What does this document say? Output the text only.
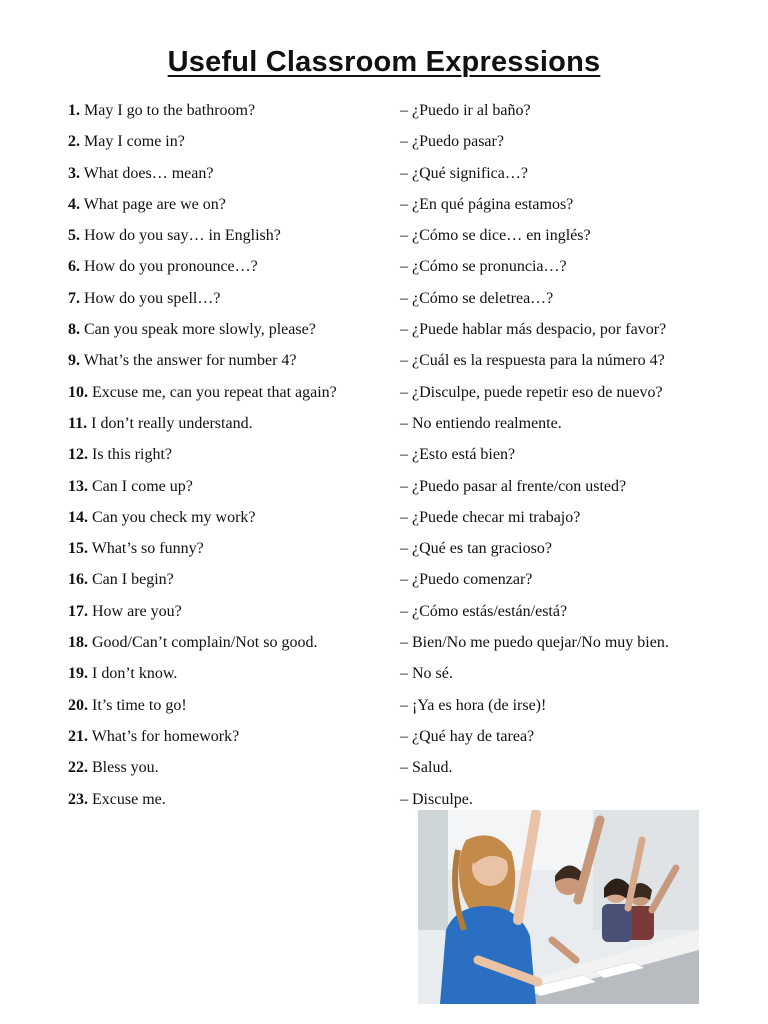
Useful Classroom Expressions
1. May I go to the bathroom?	– ¿Puedo ir al baño?
2. May I come in?	– ¿Puedo pasar?
3. What does… mean?	– ¿Qué significa…?
4. What page are we on?	– ¿En qué página estamos?
5. How do you say… in English?	– ¿Cómo se dice… en inglés?
6. How do you pronounce…?	– ¿Cómo se pronuncia…?
7. How do you spell…?	– ¿Cómo se deletrea…?
8. Can you speak more slowly, please?	– ¿Puede hablar más despacio, por favor?
9. What’s the answer for number 4?	– ¿Cuál es la respuesta para la número 4?
10. Excuse me, can you repeat that again?	– ¿Disculpe, puede repetir eso de nuevo?
11. I don’t really understand.	– No entiendo realmente.
12. Is this right?	– ¿Esto está bien?
13. Can I come up?	– ¿Puedo pasar al frente/con usted?
14. Can you check my work?	– ¿Puede checar mi trabajo?
15. What’s so funny?	– ¿Qué es tan gracioso?
16. Can I begin?	– ¿Puedo comenzar?
17. How are you?	– ¿Cómo estás/están/está?
18. Good/Can’t complain/Not so good.	– Bien/No me puedo quejar/No muy bien.
19. I don’t know.	– No sé.
20. It’s time to go!	– ¡Ya es hora (de irse)!
21. What’s for homework?	– ¿Qué hay de tarea?
22. Bless you.	– Salud.
23. Excuse me.	– Disculpe.
